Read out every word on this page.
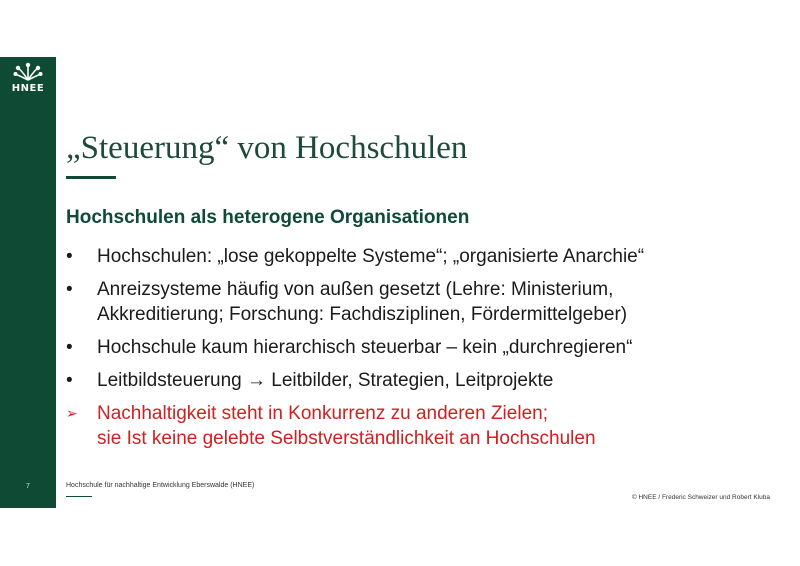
HNEE
7
„Steuerung“ von Hochschulen
Hochschulen als heterogene Organisationen
•	Hochschulen: „lose gekoppelte Systeme“; „organisierte Anarchie“
•	Anreizsysteme häufig von außen gesetzt (Lehre: Ministerium,
Akkreditierung; Forschung: Fachdisziplinen, Fördermittelgeber)
•	Hochschule kaum hierarchisch steuerbar – kein „durchregieren“
•	Leitbildsteuerung → Leitbilder, Strategien, Leitprojekte
➢	Nachhaltigkeit steht in Konkurrenz zu anderen Zielen;
sie Ist keine gelebte Selbstverständlichkeit an Hochschulen
Hochschule für nachhaltige Entwicklung Eberswalde (HNEE)
© HNEE / Frederic Schweizer und Robert Kluba
